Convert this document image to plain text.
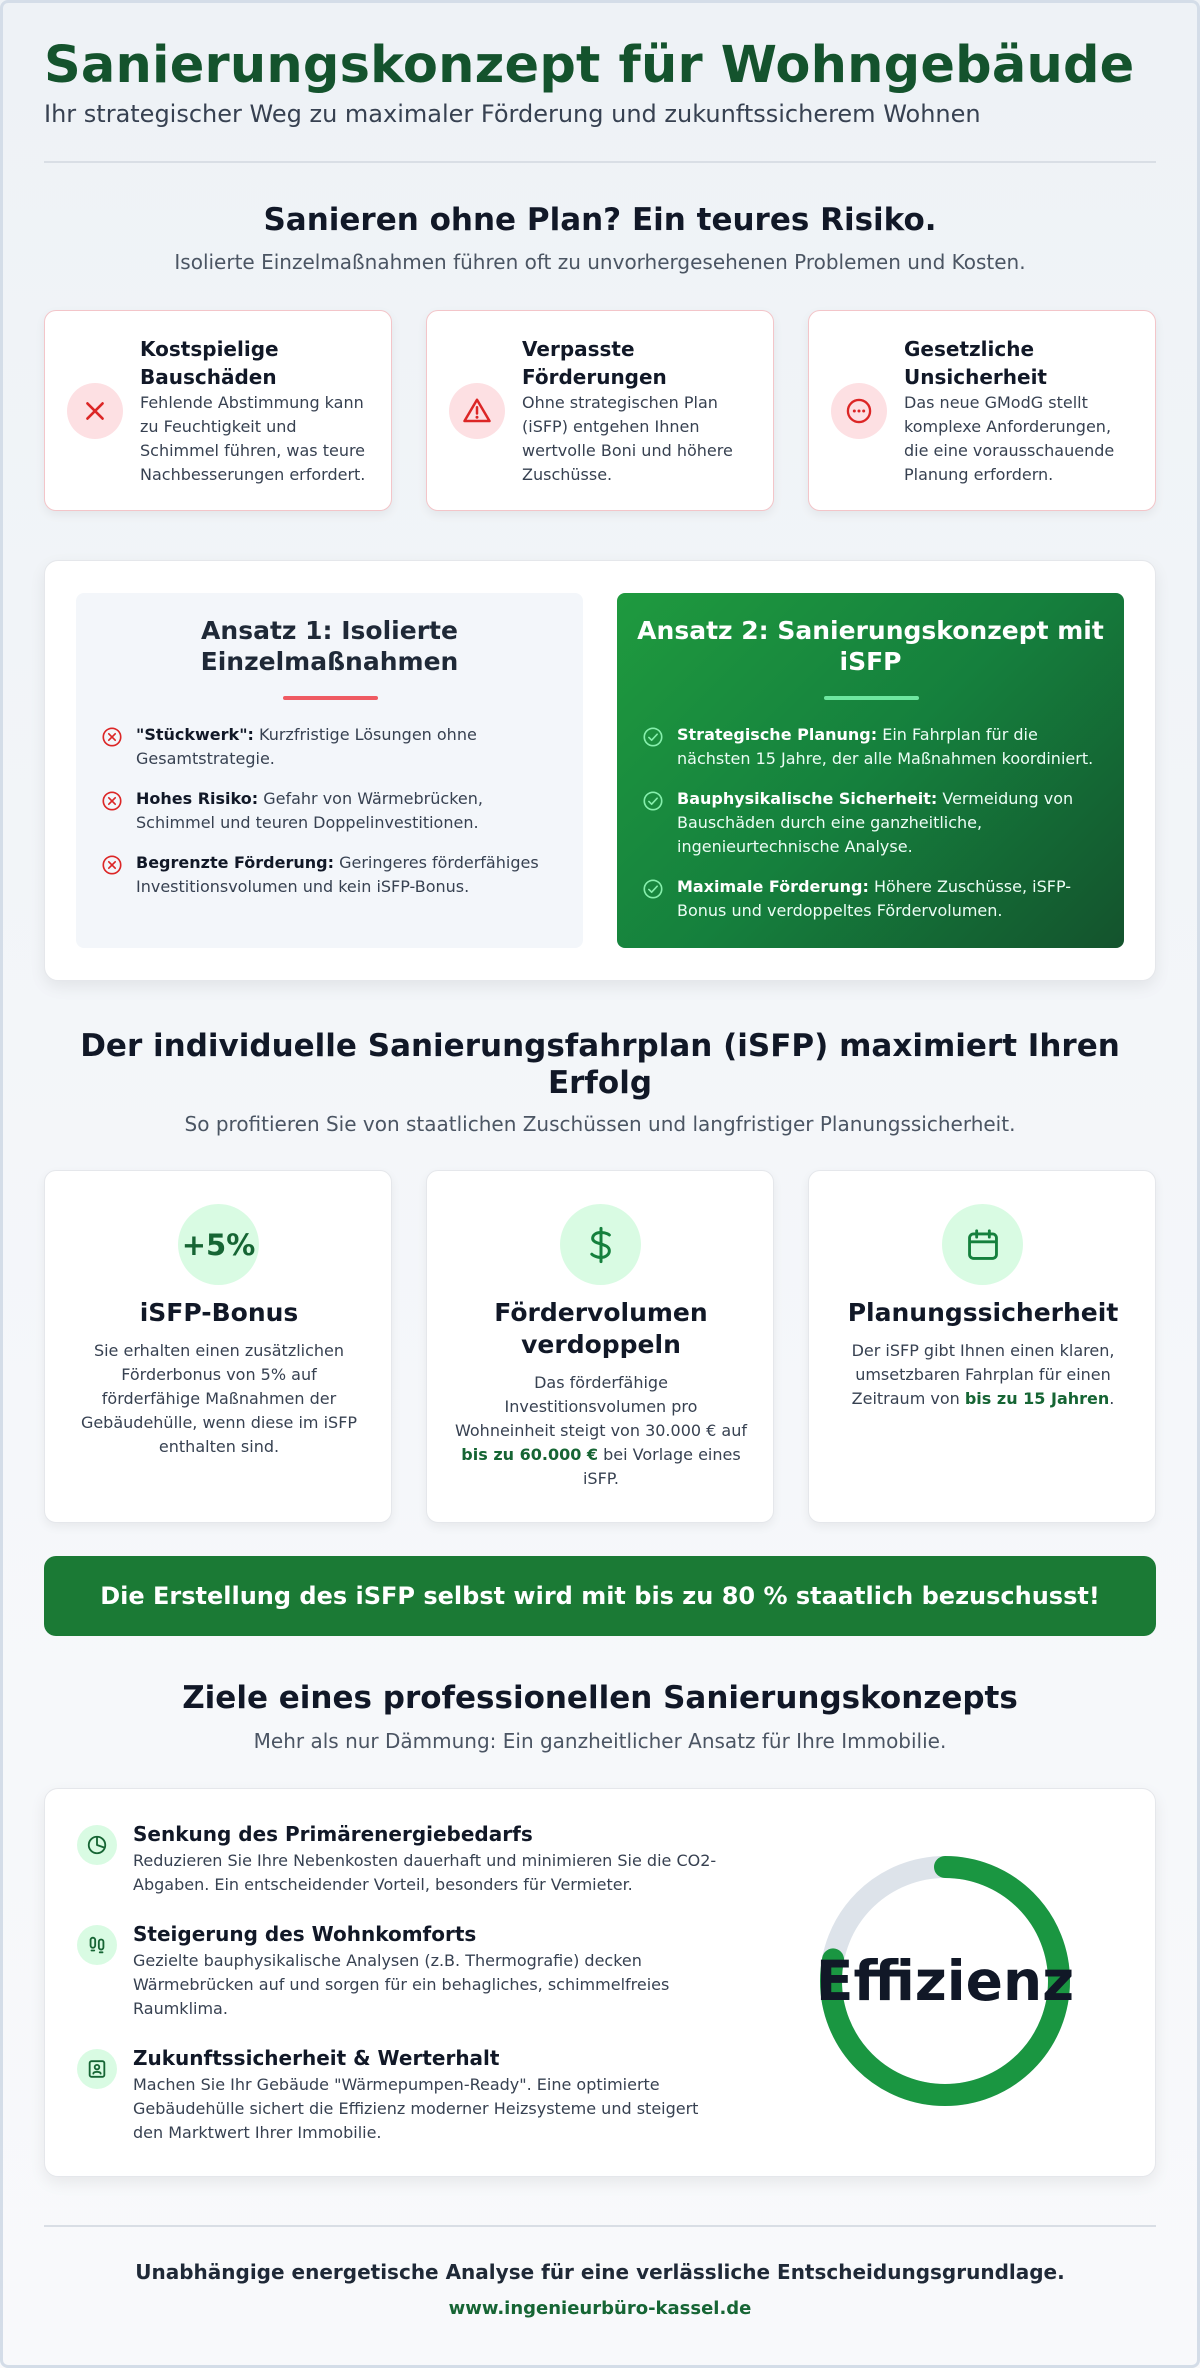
Sanierungskonzept für Wohngebäude

Ihr strategischer Weg zu maximaler Förderung und zukunftssicherem Wohnen

Sanieren ohne Plan? Ein teures Risiko.

Isolierte Einzelmaßnahmen führen oft zu unvorhergesehenen Problemen und Kosten.

Kostspielige Bauschäden
Fehlende Abstimmung kann zu Feuchtigkeit und Schimmel führen, was teure Nachbesserungen erfordert.
Verpasste Förderungen
Ohne strategischen Plan (iSFP) entgehen Ihnen wertvolle Boni und höhere Zuschüsse.
Gesetzliche Unsicherheit
Das neue GModG stellt komplexe Anforderungen, die eine vorausschauende Planung erfordern.
Ansatz 1: Isolierte Einzelmaßnahmen
"Stückwerk": Kurzfristige Lösungen ohne Gesamtstrategie.
Hohes Risiko: Gefahr von Wärmebrücken, Schimmel und teuren Doppelinvestitionen.
Begrenzte Förderung: Geringeres förderfähiges Investitionsvolumen und kein iSFP-Bonus.
Ansatz 2: Sanierungskonzept mit iSFP
Strategische Planung: Ein Fahrplan für die nächsten 15 Jahre, der alle Maßnahmen koordiniert.
Bauphysikalische Sicherheit: Vermeidung von Bauschäden durch eine ganzheitliche, ingenieurtechnische Analyse.
Maximale Förderung: Höhere Zuschüsse, iSFP-Bonus und verdoppeltes Fördervolumen.
Der individuelle Sanierungsfahrplan (iSFP) maximiert Ihren Erfolg

So profitieren Sie von staatlichen Zuschüssen und langfristiger Planungssicherheit.

+5%
iSFP-Bonus
Sie erhalten einen zusätzlichen Förderbonus von 5% auf förderfähige Maßnahmen der Gebäudehülle, wenn diese im iSFP enthalten sind.
Fördervolumen verdoppeln
Das förderfähige Investitionsvolumen pro Wohneinheit steigt von 30.000 € auf bis zu 60.000 € bei Vorlage eines iSFP.
Planungssicherheit
Der iSFP gibt Ihnen einen klaren, umsetzbaren Fahrplan für einen Zeitraum von bis zu 15 Jahren.
Die Erstellung des iSFP selbst wird mit bis zu 80 % staatlich bezuschusst!
Ziele eines professionellen Sanierungskonzepts

Mehr als nur Dämmung: Ein ganzheitlicher Ansatz für Ihre Immobilie.

Senkung des Primärenergiebedarfs
Reduzieren Sie Ihre Nebenkosten dauerhaft und minimieren Sie die CO2-Abgaben. Ein entscheidender Vorteil, besonders für Vermieter.
Steigerung des Wohnkomforts
Gezielte bauphysikalische Analysen (z.B. Thermografie) decken Wärmebrücken auf und sorgen für ein behagliches, schimmelfreies Raumklima.
Zukunftssicherheit & Werterhalt
Machen Sie Ihr Gebäude "Wärmepumpen-Ready". Eine optimierte Gebäudehülle sichert die Effizienz moderner Heizsysteme und steigert den Marktwert Ihrer Immobilie.
Effizienz

Unabhängige energetische Analyse für eine verlässliche Entscheidungsgrundlage.

www.ingenieurbüro-kassel.de
